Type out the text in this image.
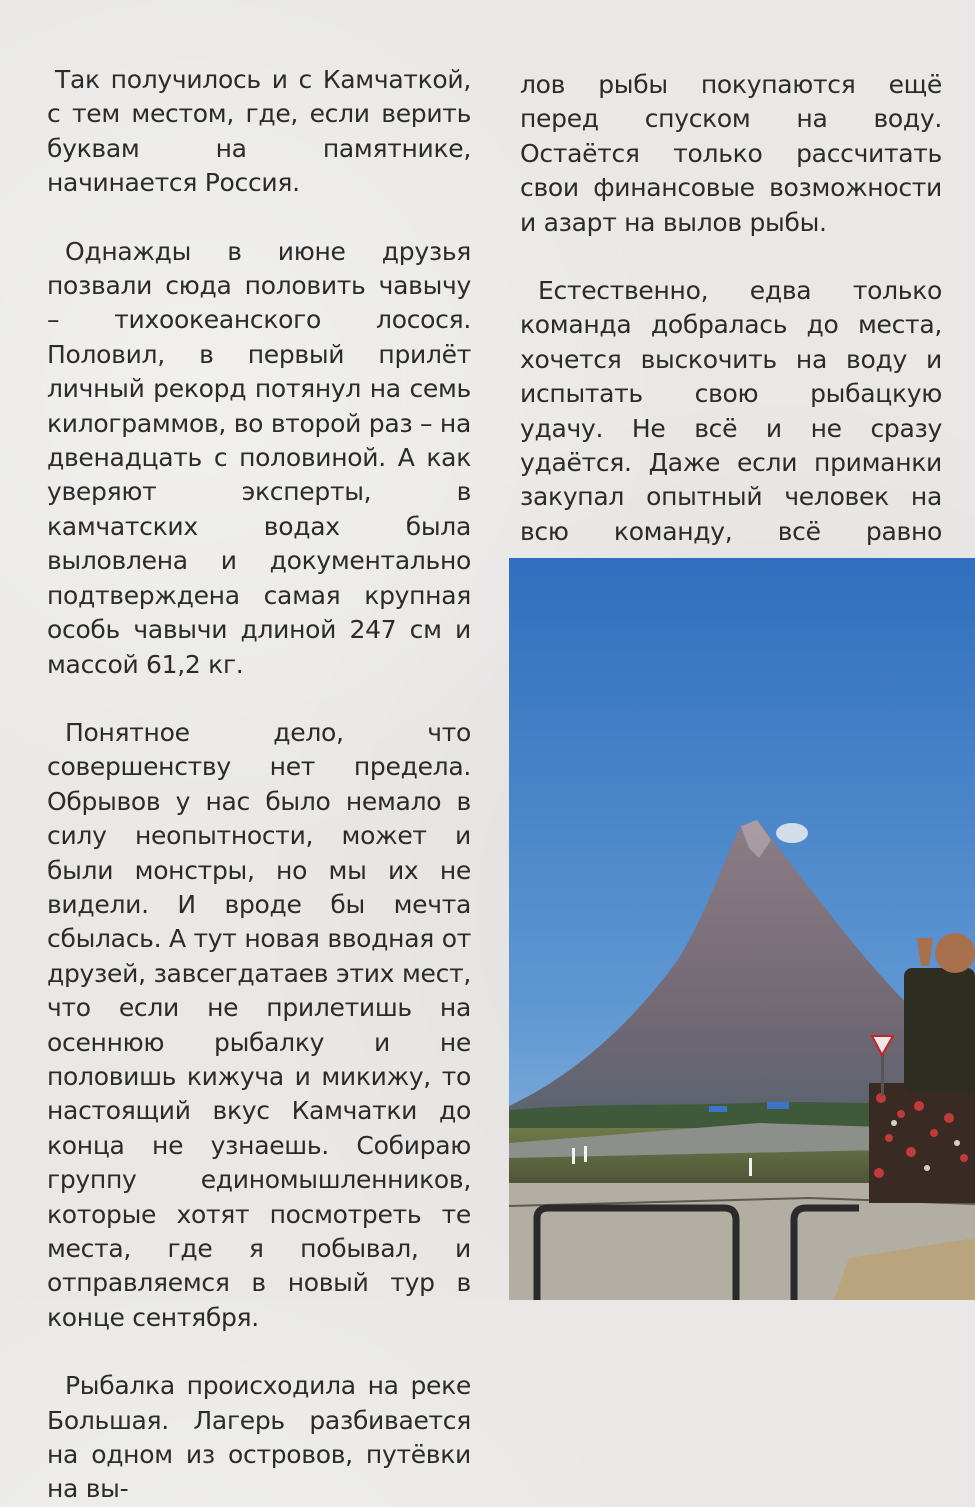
Так получилось и с Камчаткой, с тем местом, где, если верить буквам на памятнике, начинается Россия.

Однажды в июне друзья позвали сюда половить чавычу – тихоокеанского лосося. Половил, в первый прилёт личный рекорд потянул на семь килограммов, во второй раз – на двенадцать с половиной. А как уверяют эксперты, в камчатских водах была выловлена и документально подтверждена самая крупная особь чавычи длиной 247 см и массой 61,2 кг.

Понятное дело, что совершенству нет предела. Обрывов у нас было немало в силу неопытности, может и были монстры, но мы их не видели. И вроде бы мечта сбылась. А тут новая вводная от друзей, завсегдатаев этих мест, что если не прилетишь на осеннюю рыбалку и не половишь кижуча и микижу, то настоящий вкус Камчатки до конца не узнаешь. Собираю группу единомышленников, которые хотят посмотреть те места, где я побывал, и отправляемся в новый тур в конце сентября.

Рыбалка происходила на реке Большая. Лагерь разбивается на одном из островов, путёвки на вы-

лов рыбы покупаются ещё перед спуском на воду. Остаётся только рассчитать свои финансовые возможности и азарт на вылов рыбы.

Естественно, едва только команда добралась до места, хочется выскочить на воду и испытать свою рыбацкую удачу. Не всё и не сразу удаётся. Даже если приманки закупал опытный человек на всю команду, всё равно
